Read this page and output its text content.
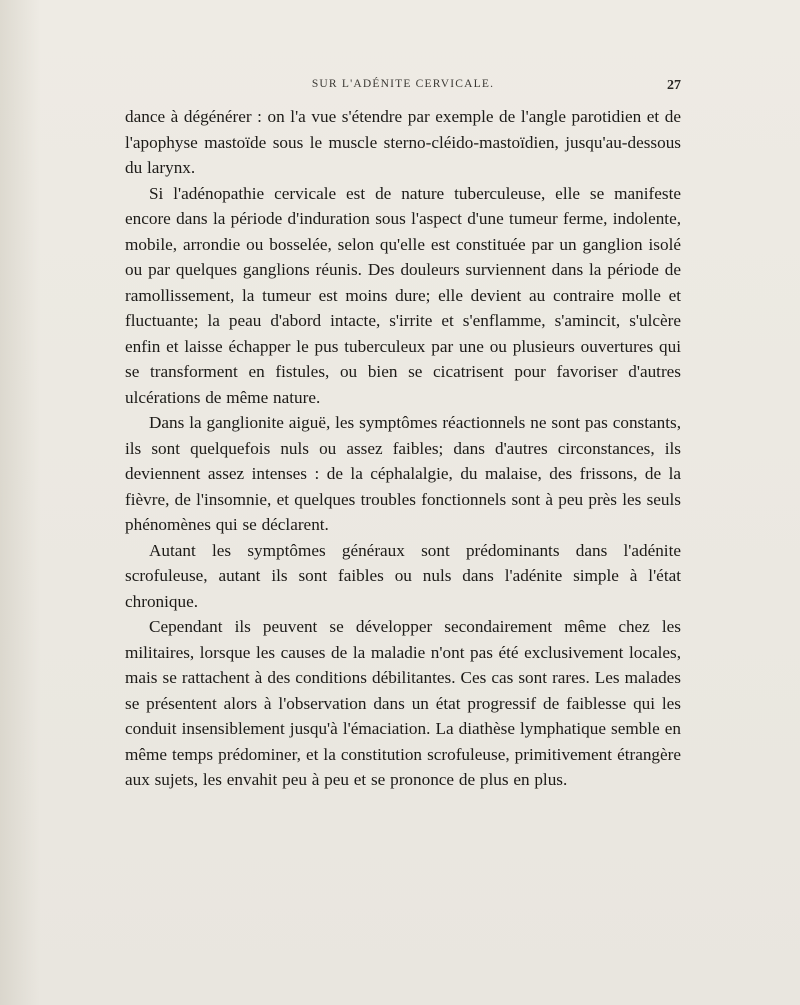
SUR L'ADÉNITE CERVICALE.	27

dance à dégénérer : on l'a vue s'étendre par exemple de l'angle parotidien et de l'apophyse mastoïde sous le muscle sterno-cléido-mastoïdien, jusqu'au-dessous du larynx.

Si l'adénopathie cervicale est de nature tuberculeuse, elle se manifeste encore dans la période d'induration sous l'aspect d'une tumeur ferme, indolente, mobile, arrondie ou bosselée, selon qu'elle est constituée par un ganglion isolé ou par quelques ganglions réunis. Des douleurs surviennent dans la période de ramollissement, la tumeur est moins dure; elle devient au contraire molle et fluctuante; la peau d'abord intacte, s'irrite et s'enflamme, s'amincit, s'ulcère enfin et laisse échapper le pus tuberculeux par une ou plusieurs ouvertures qui se transforment en fistules, ou bien se cicatrisent pour favoriser d'autres ulcérations de même nature.

Dans la ganglionite aiguë, les symptômes réactionnels ne sont pas constants, ils sont quelquefois nuls ou assez faibles; dans d'autres circonstances, ils deviennent assez intenses : de la céphalalgie, du malaise, des frissons, de la fièvre, de l'insomnie, et quelques troubles fonctionnels sont à peu près les seuls phénomènes qui se déclarent.

Autant les symptômes généraux sont prédominants dans l'adénite scrofuleuse, autant ils sont faibles ou nuls dans l'adénite simple à l'état chronique.

Cependant ils peuvent se développer secondairement même chez les militaires, lorsque les causes de la maladie n'ont pas été exclusivement locales, mais se rattachent à des conditions débilitantes. Ces cas sont rares. Les malades se présentent alors à l'observation dans un état progressif de faiblesse qui les conduit insensiblement jusqu'à l'émaciation. La diathèse lymphatique semble en même temps prédominer, et la constitution scrofuleuse, primitivement étrangère aux sujets, les envahit peu à peu et se prononce de plus en plus.
